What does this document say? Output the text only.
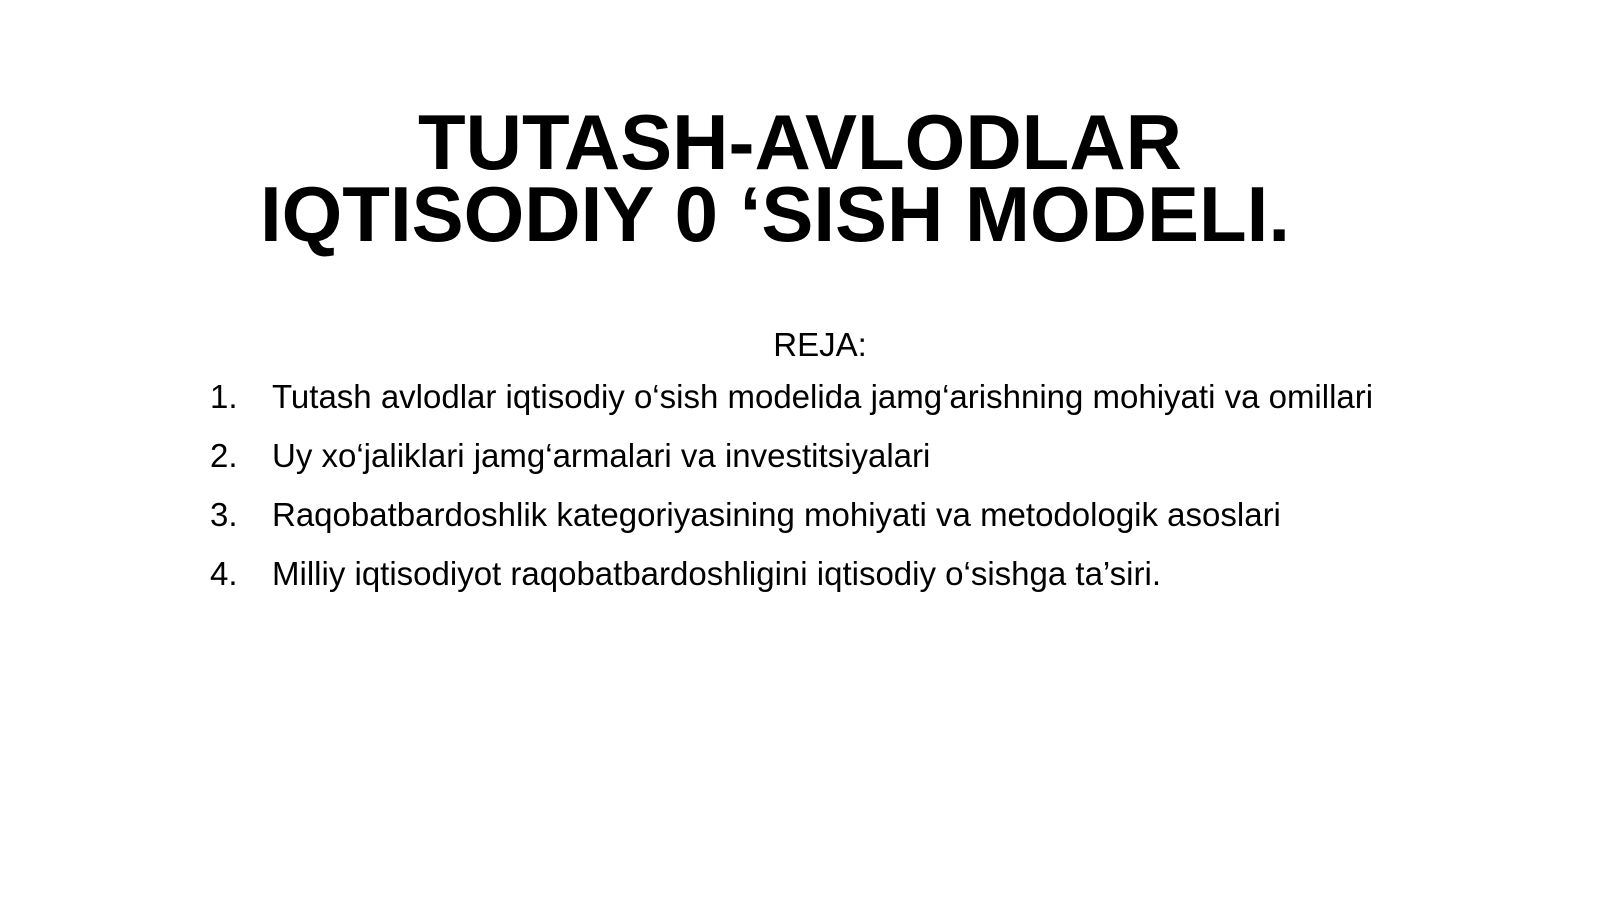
TUTASH-AVLODLAR
IQTISODIY 0 ‘SISH MODELI.
REJA:
1.	Tutash avlodlar iqtisodiy o‘sish modelida jamg‘arishning mohiyati va omillari
2.	Uy xo‘jaliklari jamg‘armalari va investitsiyalari
3.	Raqobatbardoshlik kategoriyasining mohiyati va metodologik asoslari
4.	Milliy iqtisodiyot raqobatbardoshligini iqtisodiy o‘sishga ta’siri.
